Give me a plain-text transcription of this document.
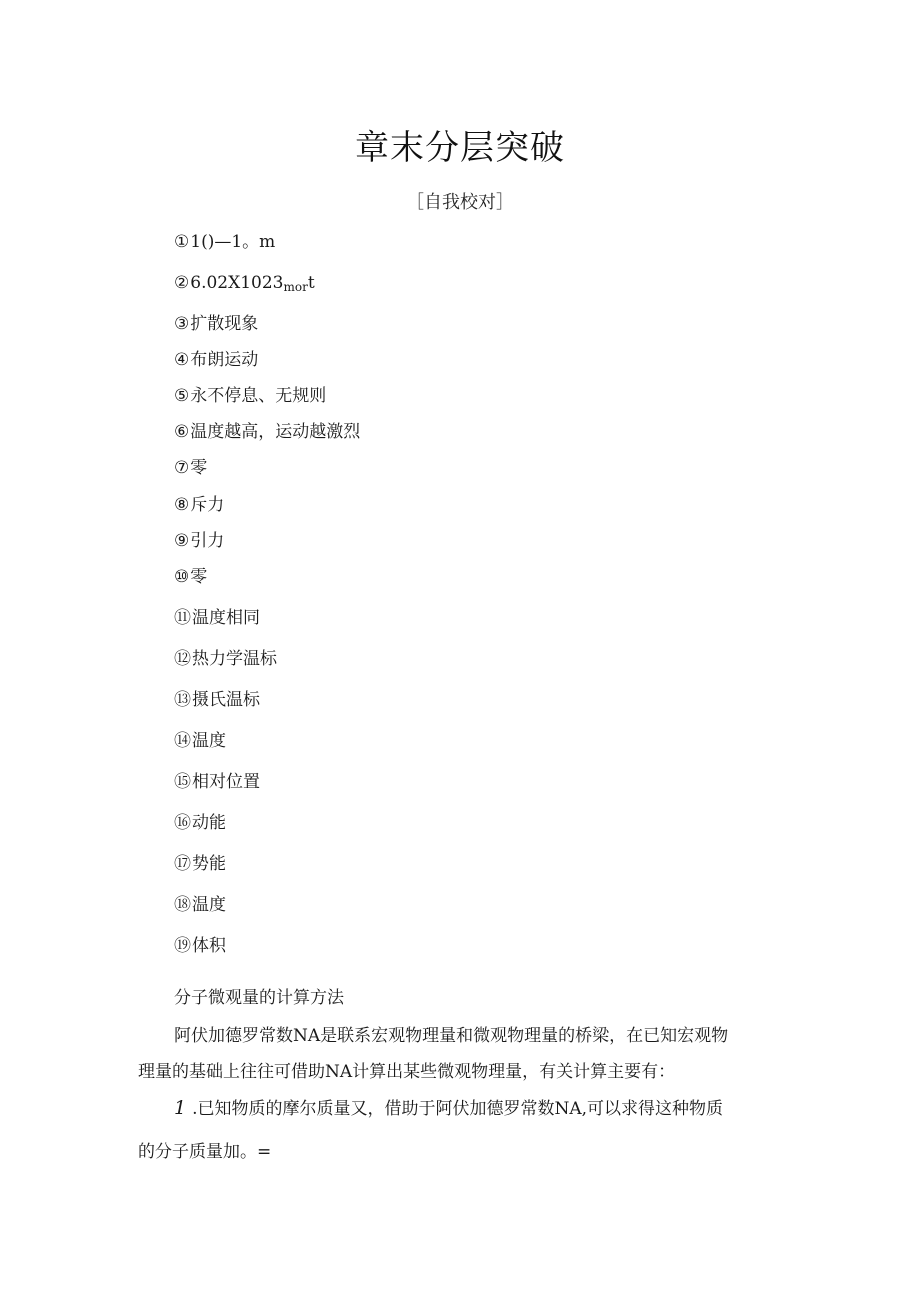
章末分层突破
［自我校对］
①1()—1。m
$②6.02X1023_{mor}t$
③扩散现象
④布朗运动
⑤永不停息、无规则
⑥温度越高，运动越激烈
⑦零
⑧斥力
⑨引力
⑩零
⑪温度相同
⑫热力学温标
⑬摄氏温标
⑭温度
⑮相对位置
⑯动能
⑰势能
⑱温度
⑲体积
分子微观量的计算方法
阿伏加德罗常数NA是联系宏观物理量和微观物理量的桥梁，在已知宏观物
理量的基础上往往可借助NA计算出某些微观物理量，有关计算主要有：
1 .已知物质的摩尔质量又，借助于阿伏加德罗常数NA,可以求得这种物质
的分子质量加。=
